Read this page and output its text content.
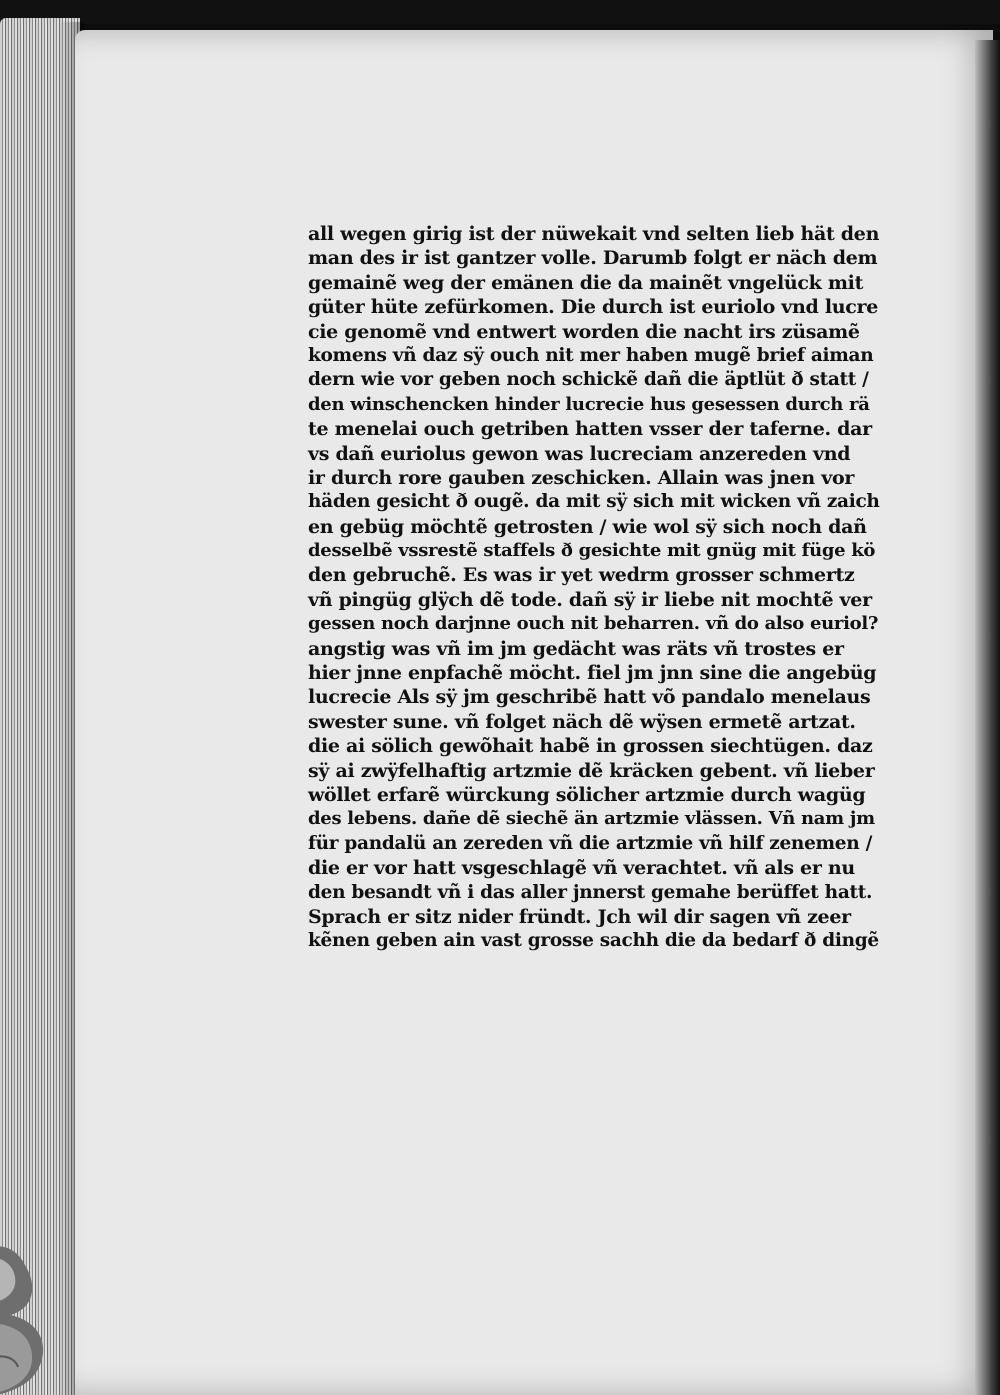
all wegen girig ist der nüwekait vnd selten lieb hät den
man des ir ist gantzer volle. Darumb folgt er näch dem
gemainẽ weg der emänen die da mainẽt vngelück mit
güter hüte zefürkomen. Die durch ist euriolo vnd lucre
cie genomẽ vnd entwert worden die nacht irs züsamẽ
komens vñ daz sÿ ouch nit mer haben mugẽ brief aiman
dern wie vor geben noch schickẽ dañ die äptlüt ð statt /
den winschencken hinder lucrecie hus gesessen durch rä
te menelai ouch getriben hatten vsser der taferne. dar
vs dañ euriolus gewon was lucreciam anzereden vnd
ir durch rore gauben zeschicken. Allain was jnen vor
häden gesicht ð ougẽ. da mit sÿ sich mit wicken vñ zaich
en gebüg möchtẽ getrosten / wie wol sÿ sich noch dañ
desselbẽ vssrestẽ staffels ð gesichte mit gnüg mit füge kö
den gebruchẽ. Es was ir yet wedrm grosser schmertz
vñ pingüg glÿch dẽ tode. dañ sÿ ir liebe nit mochtẽ ver
gessen noch darjnne ouch nit beharren. vñ do also euriol?
angstig was vñ im jm gedächt was räts vñ trostes er
hier jnne enpfachẽ möcht. fiel jm jnn sine die angebüg
lucrecie Als sÿ jm geschribẽ hatt võ pandalo menelaus
swester sune. vñ folget näch dẽ wÿsen ermetẽ artzat.
die ai sölich gewõhait habẽ in grossen siechtügen. daz
sÿ ai zwÿfelhaftig artzmie dẽ kräcken gebent. vñ lieber
wöllet erfarẽ würckung sölicher artzmie durch wagüg
des lebens. dañe dẽ siechẽ än artzmie vlässen. Vñ nam jm
für pandalü an zereden vñ die artzmie vñ hilf zenemen /
die er vor hatt vsgeschlagẽ vñ verachtet. vñ als er nu
den besandt vñ i das aller jnnerst gemahe berüffet hatt.
Sprach er sitz nider fründt. Jch wil dir sagen vñ zeer
kẽnen geben ain vast grosse sachh die da bedarf ð dingẽ
